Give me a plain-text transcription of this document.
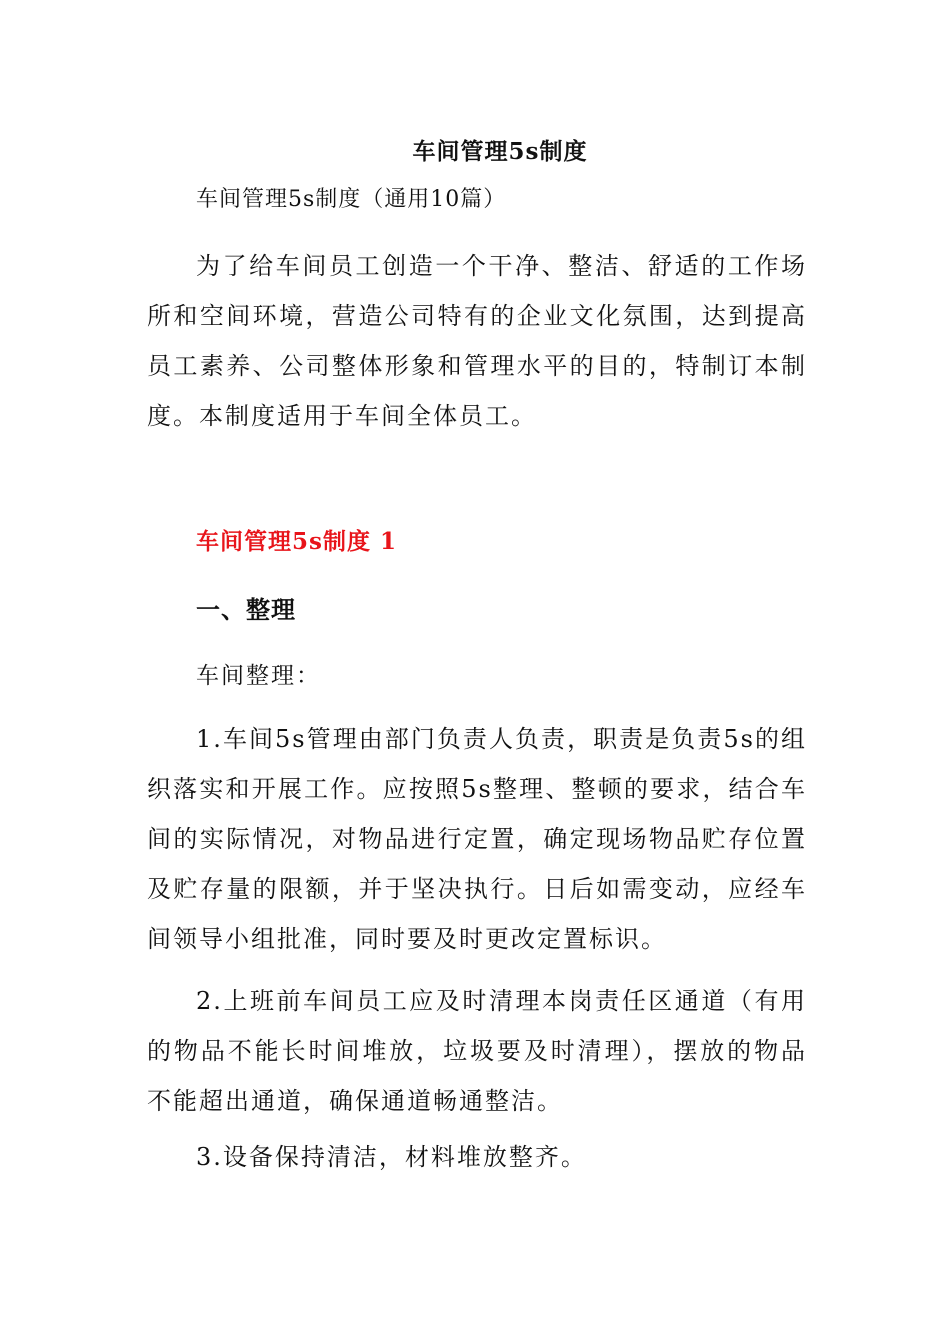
车间管理5s制度
车间管理5s制度（通用10篇）

为了给车间员工创造一个干净、整洁、舒适的工作场所和空间环境，营造公司特有的企业文化氛围，达到提高员工素养、公司整体形象和管理水平的目的，特制订本制度。本制度适用于车间全体员工。

车间管理5s制度 1
一、整理
车间整理：

1.车间5s管理由部门负责人负责，职责是负责5s的组织落实和开展工作。应按照5s整理、整顿的要求，结合车间的实际情况，对物品进行定置，确定现场物品贮存位置及贮存量的限额，并于坚决执行。日后如需变动，应经车间领导小组批准，同时要及时更改定置标识。

2.上班前车间员工应及时清理本岗责任区通道（有用的物品不能长时间堆放，垃圾要及时清理），摆放的物品不能超出通道，确保通道畅通整洁。

3.设备保持清洁，材料堆放整齐。
